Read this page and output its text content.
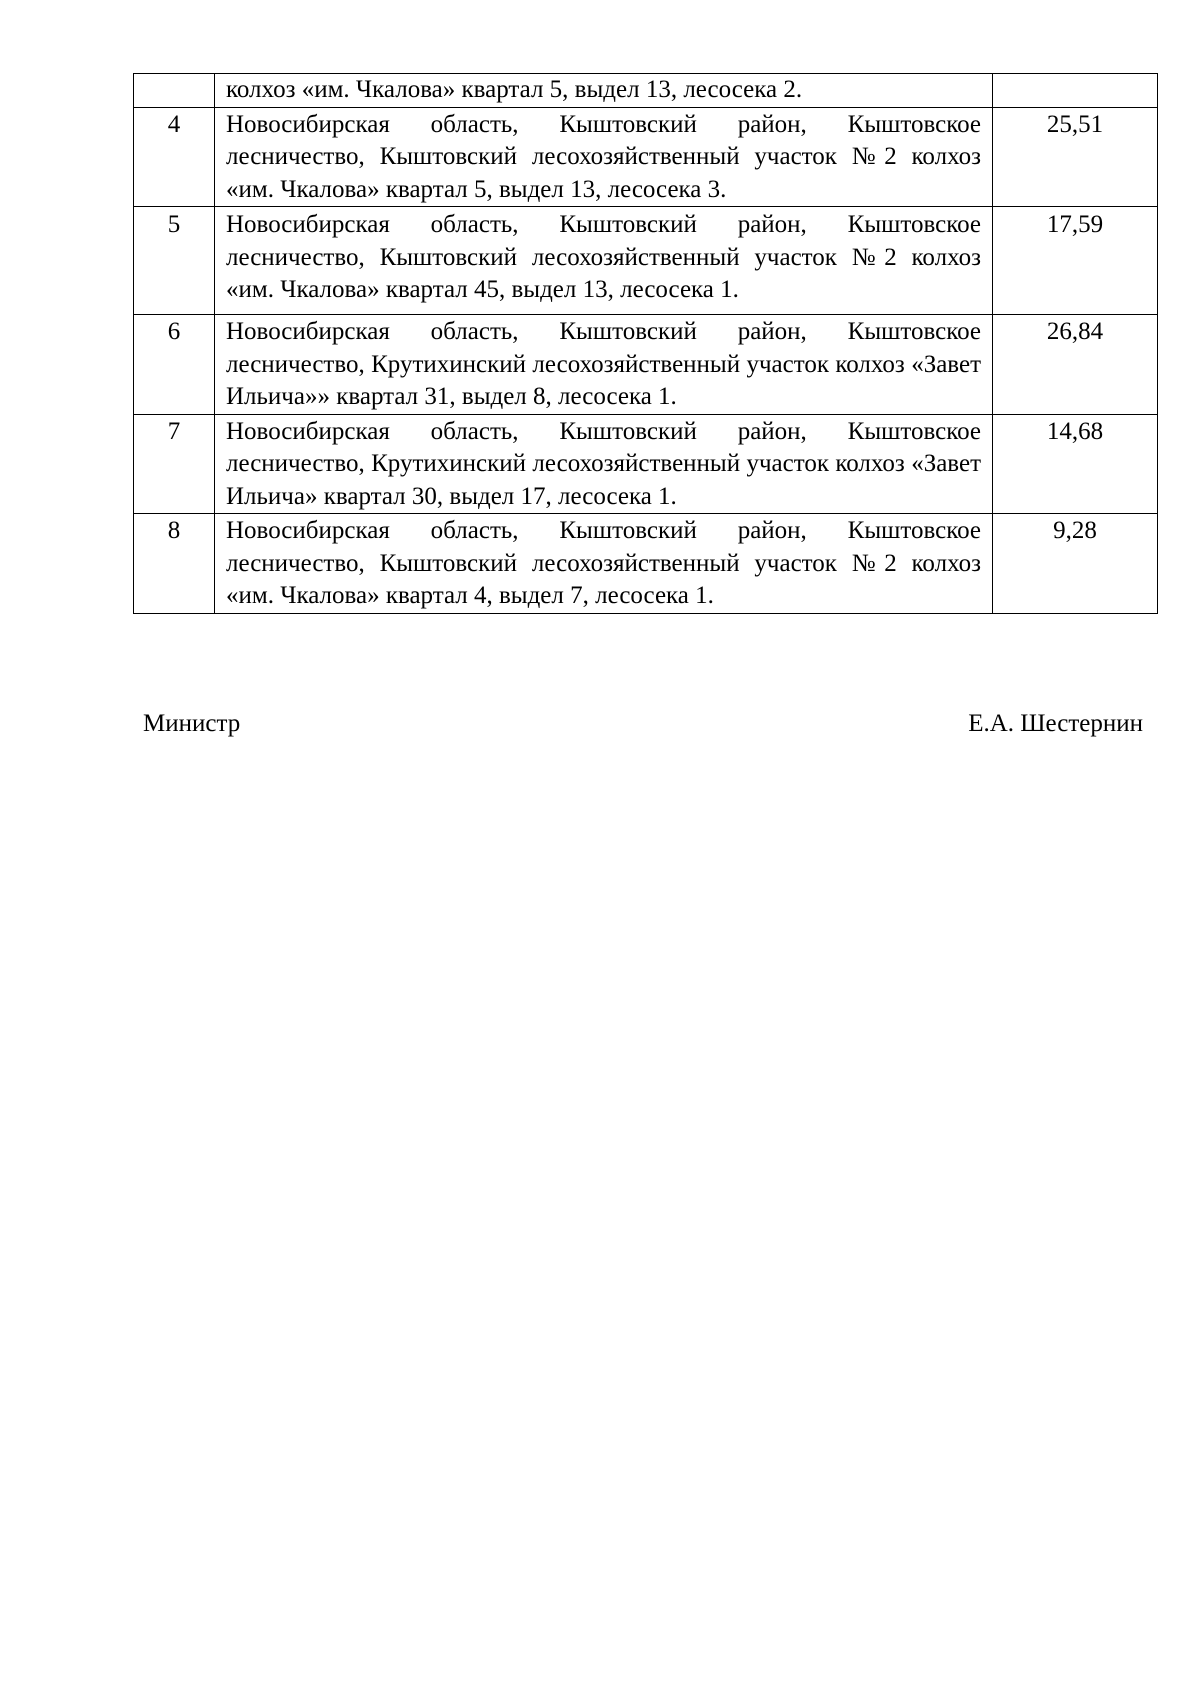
	колхоз «им. Чкалова» квартал 5, выдел 13, лесосека 2.	

4	Новосибирская область, Кыштовский район, Кыштовское лесничество, Кыштовский лесохозяйственный участок №2 колхоз «им. Чкалова» квартал 5, выдел 13, лесосека 3.	25,51

5	Новосибирская область, Кыштовский район, Кыштовское лесничество, Кыштовский лесохозяйственный участок №2 колхоз «им. Чкалова» квартал 45, выдел 13, лесосека 1.	17,59

6	Новосибирская область, Кыштовский район, Кыштовское лесничество, Крутихинский лесохозяйственный участок колхоз «Завет Ильича»» квартал 31, выдел 8, лесосека 1.	26,84

7	Новосибирская область, Кыштовский район, Кыштовское лесничество, Крутихинский лесохозяйственный участок колхоз «Завет Ильича» квартал 30, выдел 17, лесосека 1.	14,68

8	Новосибирская область, Кыштовский район, Кыштовское лесничество, Кыштовский лесохозяйственный участок №2 колхоз «им. Чкалова» квартал 4, выдел 7, лесосека 1.	9,28
Министр	Е.А. Шестернин
